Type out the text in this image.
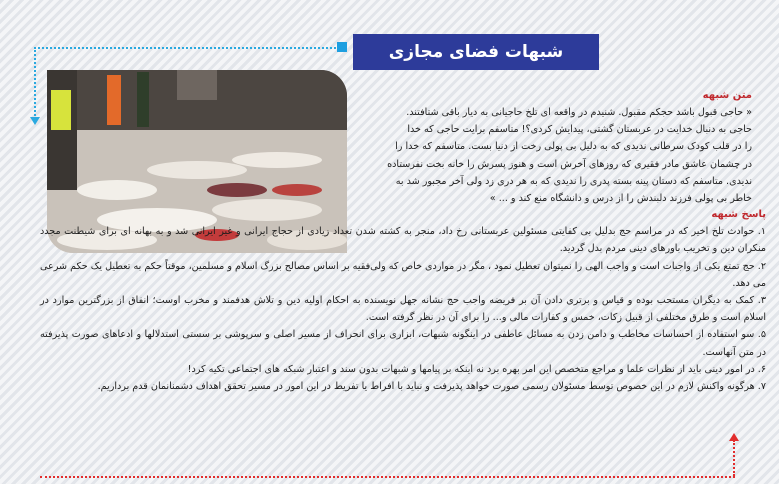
شبهات فضای مجازی
متن شبهه
« حاجی قبول باشد حجکم مقبول. شنیدم در واقعه ای تلخ حاجیانی به دیار باقی شتافتند.
حاجی به دنبال خدایت در عربستان گشتی، پیدایش کردی؟! متاسفم برایت حاجی که خدا
را در قلب کودک سرطانی ندیدی که به دلیل بی پولی رخت از دنیا بست. متاسفم که خدا را
در چشمان عاشق مادر فقیری که روزهای آخرش است و هنوز پسرش را خانه بخت نفرستاده
ندیدی. متاسفم که دستان پینه بسته پدری را ندیدی که به هر دری زد ولی آخر مجبور شد به
خاطر بی پولی فرزند دلبندش را از درس و دانشگاه منع کند و ... »
پاسخ شبهه

۱. حوادث تلخ اخیر که در مراسم حج بدلیل بی کفایتی مسئولین عربستانی رخ داد، منجر به کشته شدن تعداد زیادی از حجاج ایرانی و غیر ایرانی شد و به بهانه ای برای شیطنت مجدد منکران دین و تخریب باورهای دینی مردم بدل گردید.

۲. حج تمتع یکی از واجبات است و واجب الهی را نمیتوان تعطیل نمود ، مگر در مواردی خاص که ولی‌فقیه بر اساس مصالح بزرگ اسلام و مسلمین، موقتاً حکم به تعطیل یک حکم شرعی می دهد.

۳. کمک به دیگران مستحب بوده و قیاس و برتری دادن آن بر فریضه واجب حج نشانه جهل نویسنده به احکام اولیه دین و تلاش هدفمند و مخرب اوست؛ انفاق از بزرگترین موارد در اسلام است و طرق مختلفی از قبیل زکات، خمس و کفارات مالی و... را برای آن در نظر گرفته است.

۵. سو استفاده از احساسات مخاطب و دامن زدن به مسائل عاطفی در اینگونه شبهات، ابزاری برای انحراف از مسیر اصلی و سرپوشی بر سستی استدلالها و ادعاهای صورت پذیرفته در متن آنهاست.

۶. در امور دینی باید از نظرات علما و مراجع متخصص این امر بهره برد نه اینکه بر پیامها و شبهات بدون سند و اعتبار شبکه های اجتماعی تکیه کرد!

۷. هرگونه واکنش لازم در این خصوص توسط مسئولان رسمی صورت خواهد پذیرفت و نباید با افراط یا تفریط در این امور در مسیر تحقق اهداف دشمنانمان قدم برداریم.
